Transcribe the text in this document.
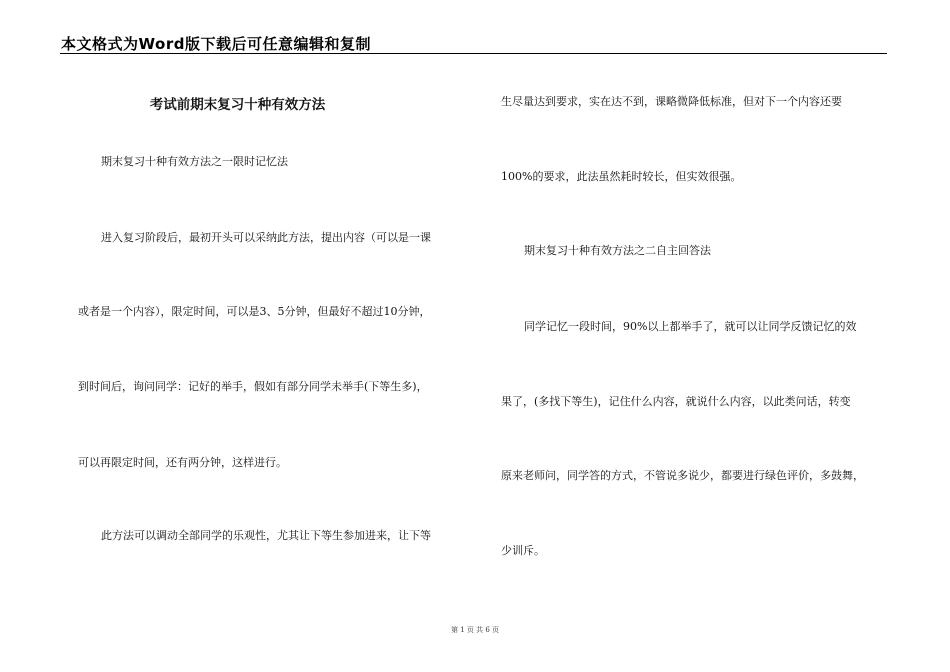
本文格式为Word版下载后可任意编辑和复制
考试前期末复习十种有效方法
期末复习十种有效方法之一限时记忆法
进入复习阶段后，最初开头可以采纳此方法，提出内容（可以是一课
或者是一个内容），限定时间，可以是3、5分钟，但最好不超过10分钟，
到时间后，询问同学：记好的举手，假如有部分同学未举手(下等生多)，
可以再限定时间，还有两分钟，这样进行。
此方法可以调动全部同学的乐观性，尤其让下等生参加进来，让下等
生尽量达到要求，实在达不到，课略微降低标准，但对下一个内容还要
100%的要求，此法虽然耗时较长，但实效很强。
期末复习十种有效方法之二自主回答法
同学记忆一段时间，90%以上都举手了，就可以让同学反馈记忆的效
果了，(多找下等生)，记住什么内容，就说什么内容，以此类问话，转变
原来老师问，同学答的方式，不管说多说少，都要进行绿色评价，多鼓舞，
少训斥。
第 1 页 共 6 页
